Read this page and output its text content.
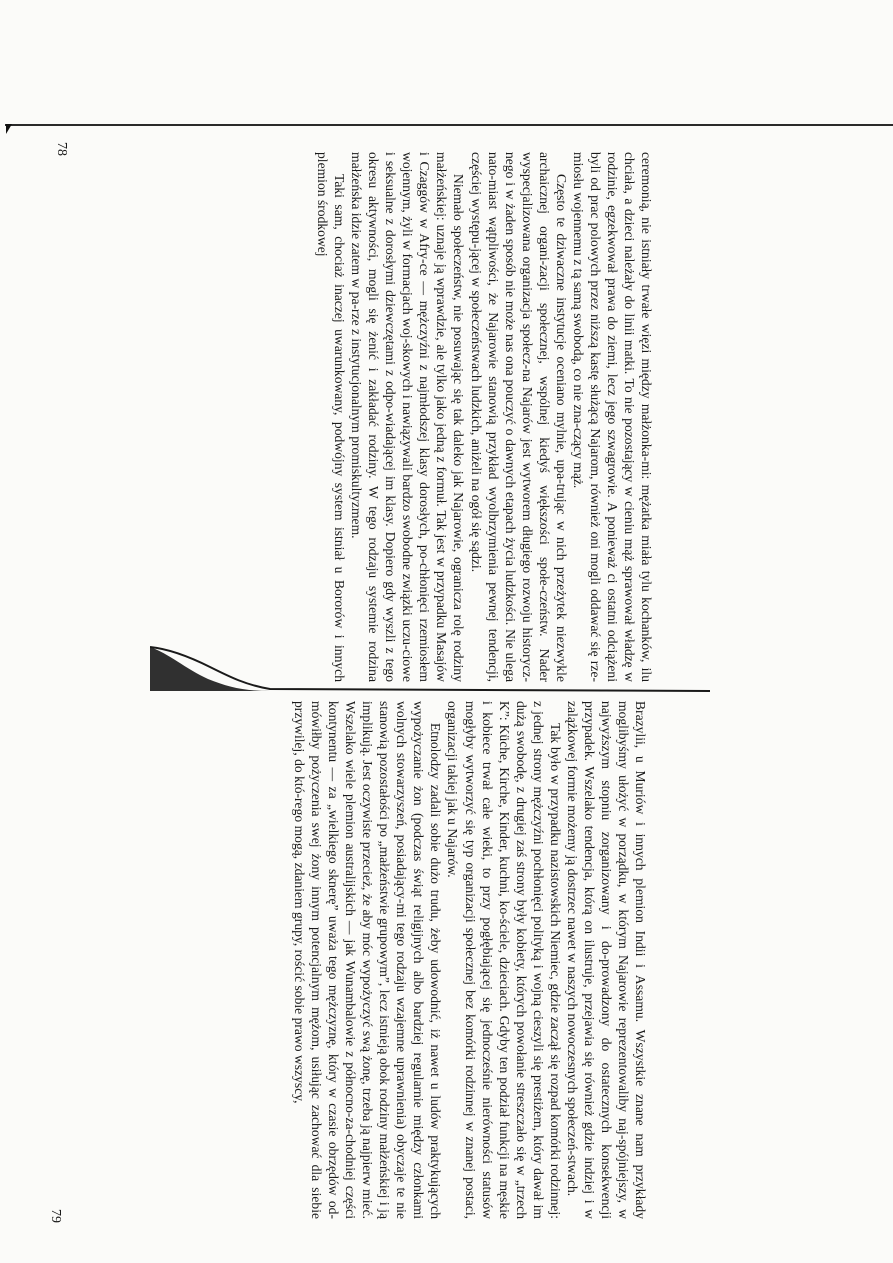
ceremonią, nie istniały trwałe więzi między małżonka-mi: mężatka miała tylu kochanków, ilu chciała, a dzieci należały do linii matki. To nie pozostający w cieniu mąż sprawował władzę w rodzinie, egzekwował prawa do ziemi, lecz jego szwagrowie. A ponieważ ci ostatni odciążeni byli od prac polowych przez niższą kastę służącą Najarom, również oni mogli oddawać się rze-miosłu wojennemu z tą samą swobodą, co nie zna-czący mąż.

Często te dziwaczne instytucje oceniano mylnie, upa-trując w nich przeżytek niezwykle archaicznej organi-zacji społecznej, wspólnej kiedyś większości społe-czeństw. Nader wyspecjalizowana organizacja społecz-na Najarów jest wytworem długiego rozwoju historycz-nego i w żaden sposób nie może nas ona pouczyć o dawnych etapach życia ludzkości. Nie ulega nato-miast wątpliwości, że Najarowie stanowią przykład wyolbrzymienia pewnej tendencji, częściej występu-jącej w społeczeństwach ludzkich, aniżeli na ogół się sądzi.

Niemało społeczeństw, nie posuwając się tak daleko jak Najarowie, ogranicza rolę rodziny małżeńskiej: uznaje ją wprawdzie, ale tylko jako jedną z formuł. Tak jest w przypadku Masajów i Czaggów w Afry-ce — mężczyźni z najmłodszej klasy dorosłych, po-chłonięci rzemiosłem wojennym, żyli w formacjach woj-skowych i nawiązywali bardzo swobodne związki uczu-ciowe i seksualne z dorosłymi dziewczętami z odpo-wiadającej im klasy. Dopiero gdy wyszli z tego okresu aktywności, mogli się żenić i zakładać rodziny. W tego rodzaju systemie rodzina małżeńska idzie zatem w pa-rze z instytucjonalnym promiskultyzmem.

Taki sam, chociaż inaczej uwarunkowany, podwójny system istniał u Bororów i innych plemion środkowej

78

Brazylii, u Muriów i innych plemion Indii i Assamu. Wszystkie znane nam przykłady moglibyśmy ułożyć w porządku, w którym Najarowie reprezentowaliby naj-spójniejszy, w najwyższym stopniu zorganizowany i do-prowadzony do ostatecznych konsekwencji przypadek. Wszelako tendencja, którą on ilustruje, przejawia się również gdzie indziej i w zalążkowej formie możemy ją dostrzec nawet w naszych nowoczesnych społeczeń-stwach.

Tak było w przypadku nazistowskich Niemiec, gdzie zaczął się rozpad komórki rodzinnej: z jednej strony mężczyźni pochłonięci polityką i wojną cieszyli się prestiżem, który dawał im dużą swobodę, z drugiej zaś strony były kobiety, których powołanie streszczało się w „trzech K”: Küche, Kirche, Kinder, kuchni, ko-ściele, dzieciach. Gdyby ten podział funkcji na męskie i kobiece trwał całe wieki, to przy pogłębiającej się jednocześnie nierówności statusów mogłyby wytworzyć się typ organizacji społecznej bez komórki rodzinnej w znanej postaci, organizacji takiej jak u Najarów.

Etnolodzy zadali sobie dużo trudu, żeby udowodnić, iż nawet u ludów praktykujących wypożyczanie żon (podczas świąt religijnych albo bardziej regularnie między członkami wolnych stowarzyszeń, posiadający-mi tego rodzaju wzajemne uprawnienia) obyczaje te nie stanowią pozostałości po „małżeństwie grupowym”, lecz istnieją obok rodziny małżeńskiej i ją implikują. Jest oczywiste przecież, że aby móc wypożyczyć swą żonę, trzeba ją najpierw mieć. Wszelako wiele plemion australijskich — jak Wunambalowie z północno-za-chodniej części kontynentu — za „wielkiego sknerę” uważa tego mężczyznę, który w czasie obrzędów od-mówiłby pożyczenia swej żony innym potencjalnym mężom, usiłując zachować dla siebie przywilej, do któ-rego mogą, zdaniem grupy, rościć sobie prawo wszyscy,

79
